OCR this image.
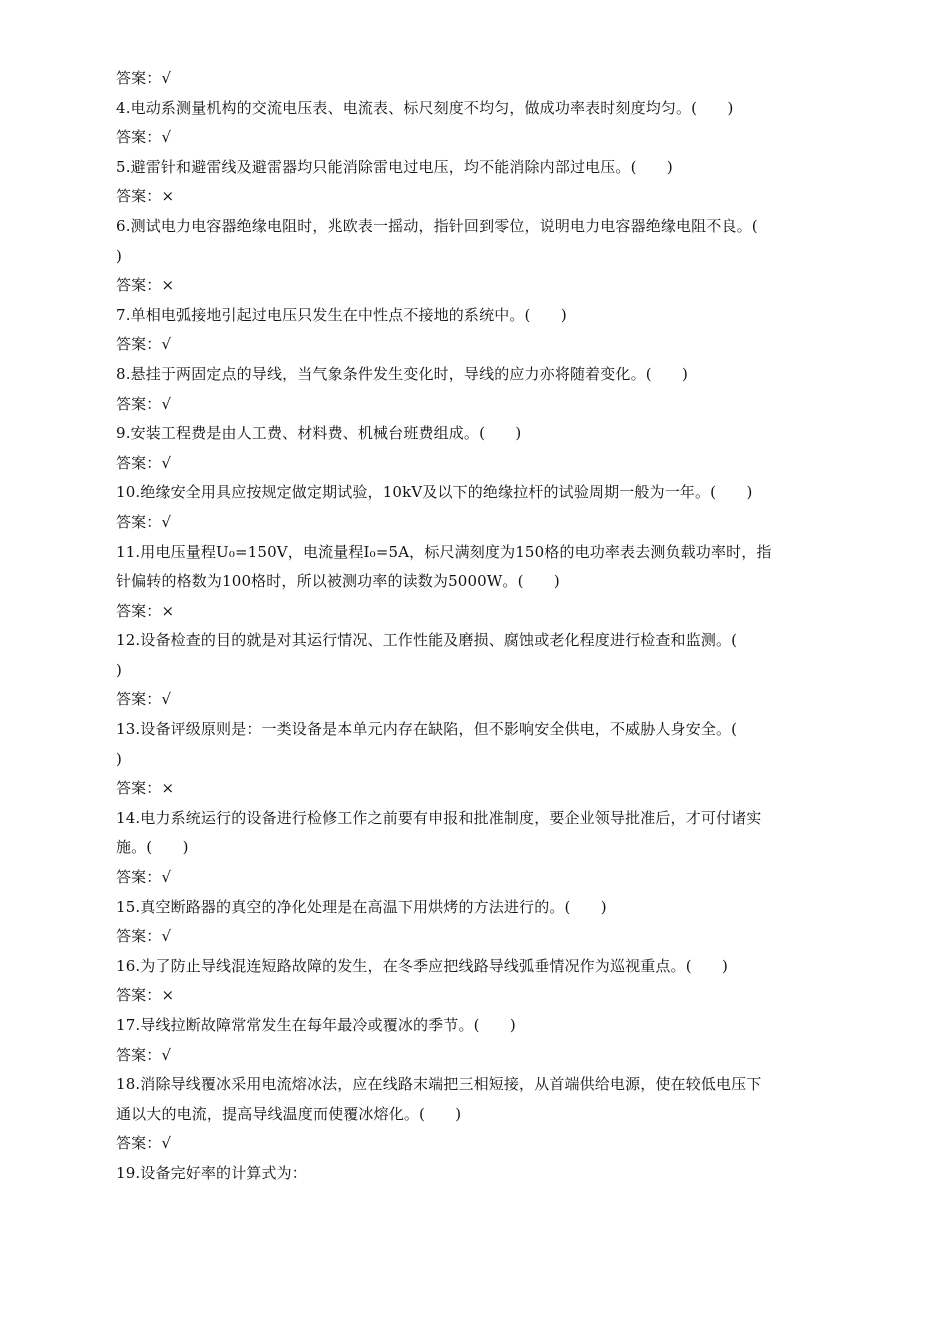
答案：√
4.电动系测量机构的交流电压表、电流表、标尺刻度不均匀，做成功率表时刻度均匀。(　　)
答案：√
5.避雷针和避雷线及避雷器均只能消除雷电过电压，均不能消除内部过电压。(　　)
答案：×
6.测试电力电容器绝缘电阻时，兆欧表一摇动，指针回到零位，说明电力电容器绝缘电阻不良。(
)
答案：×
7.单相电弧接地引起过电压只发生在中性点不接地的系统中。(　　)
答案：√
8.悬挂于两固定点的导线，当气象条件发生变化时，导线的应力亦将随着变化。(　　)
答案：√
9.安装工程费是由人工费、材料费、机械台班费组成。(　　)
答案：√
10.绝缘安全用具应按规定做定期试验，10kV及以下的绝缘拉杆的试验周期一般为一年。(　　)
答案：√
11.用电压量程U₀=150V，电流量程I₀=5A，标尺满刻度为150格的电功率表去测负载功率时，指
针偏转的格数为100格时，所以被测功率的读数为5000W。(　　)
答案：×
12.设备检查的目的就是对其运行情况、工作性能及磨损、腐蚀或老化程度进行检查和监测。(
)
答案：√
13.设备评级原则是：一类设备是本单元内存在缺陷，但不影响安全供电，不威胁人身安全。(
)
答案：×
14.电力系统运行的设备进行检修工作之前要有申报和批准制度，要企业领导批准后，才可付诸实
施。(　　)
答案：√
15.真空断路器的真空的净化处理是在高温下用烘烤的方法进行的。(　　)
答案：√
16.为了防止导线混连短路故障的发生，在冬季应把线路导线弧垂情况作为巡视重点。(　　)
答案：×
17.导线拉断故障常常发生在每年最冷或覆冰的季节。(　　)
答案：√
18.消除导线覆冰采用电流熔冰法，应在线路末端把三相短接，从首端供给电源，使在较低电压下
通以大的电流，提高导线温度而使覆冰熔化。(　　)
答案：√
19.设备完好率的计算式为：
